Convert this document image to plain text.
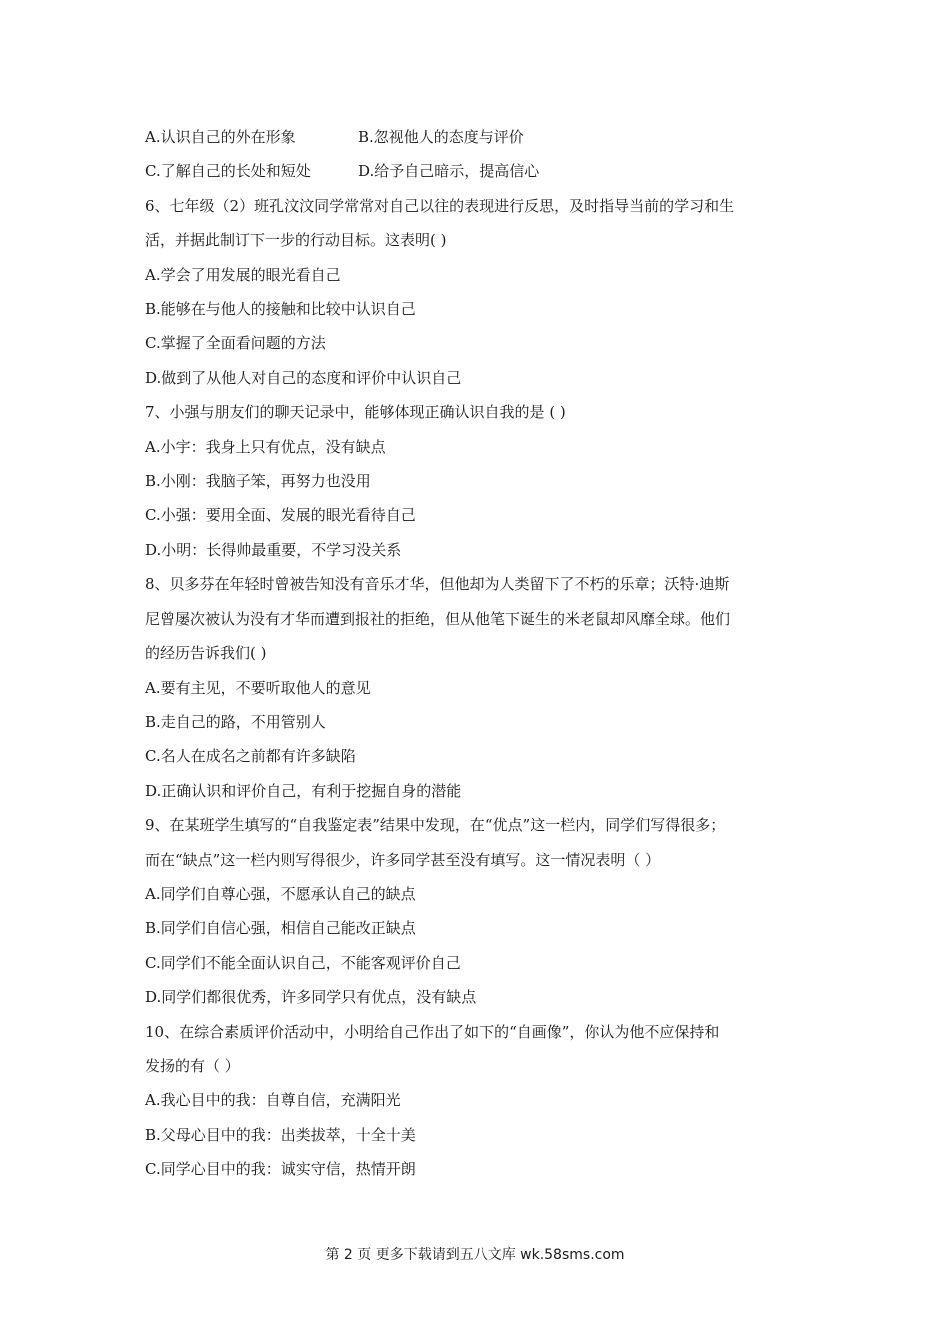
A.认识自己的外在形象	B.忽视他人的态度与评价
C.了解自己的长处和短处	D.给予自己暗示，提高信心
6、七年级（2）班孔汶汶同学常常对自己以往的表现进行反思，及时指导当前的学习和生
活，并据此制订下一步的行动目标。这表明( )
A.学会了用发展的眼光看自己
B.能够在与他人的接触和比较中认识自己
C.掌握了全面看问题的方法
D.做到了从他人对自己的态度和评价中认识自己
7、小强与朋友们的聊天记录中，能够体现正确认识自我的是 ( )
A.小宇：我身上只有优点，没有缺点
B.小刚：我脑子笨，再努力也没用
C.小强：要用全面、发展的眼光看待自己
D.小明：长得帅最重要，不学习没关系
8、贝多芬在年轻时曾被告知没有音乐才华，但他却为人类留下了不朽的乐章；沃特·迪斯
尼曾屡次被认为没有才华而遭到报社的拒绝，但从他笔下诞生的米老鼠却风靡全球。他们
的经历告诉我们( )
A.要有主见，不要听取他人的意见
B.走自己的路，不用管别人
C.名人在成名之前都有许多缺陷
D.正确认识和评价自己，有利于挖掘自身的潜能
9、在某班学生填写的“自我鉴定表”结果中发现，在“优点”这一栏内，同学们写得很多；
而在“缺点”这一栏内则写得很少，许多同学甚至没有填写。这一情况表明（ ）
A.同学们自尊心强，不愿承认自己的缺点
B.同学们自信心强，相信自己能改正缺点
C.同学们不能全面认识自己，不能客观评价自己
D.同学们都很优秀，许多同学只有优点，没有缺点
10、在综合素质评价活动中，小明给自己作出了如下的“自画像”，你认为他不应保持和
发扬的有（ ）
A.我心目中的我：自尊自信，充满阳光
B.父母心目中的我：出类拔萃，十全十美
C.同学心目中的我：诚实守信，热情开朗
第 2 页 更多下载请到五八文库 wk.58sms.com
